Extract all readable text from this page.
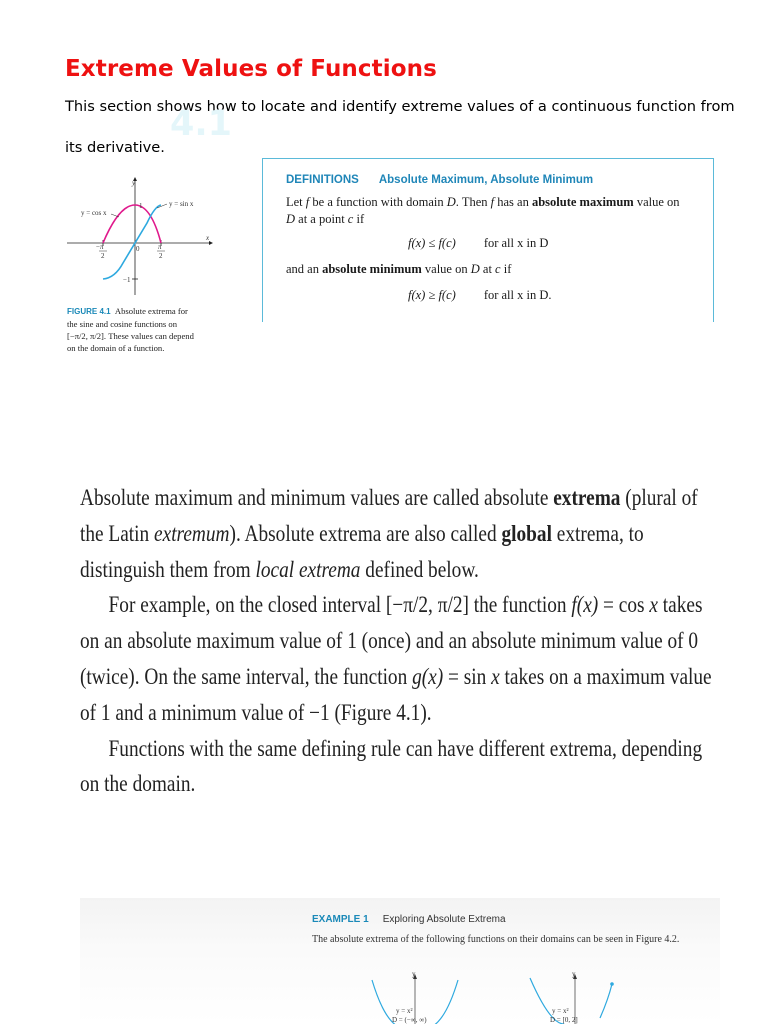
Extreme Values of Functions
This section shows how to locate and identify extreme values of a continuous function from its derivative.
4.1
y
x
y = cos x
y = sin x
1
−1
0
− π
2
π
2
FIGURE 4.1 Absolute extrema for
the sine and cosine functions on
[−π/2, π/2]. These values can depend
on the domain of a function.
DEFINITIONS Absolute Maximum, Absolute Minimum
Let f be a function with domain D. Then f has an absolute maximum value on
D at a point c if
f(x) ≤ f(c) for all x in D
and an absolute minimum value on D at c if
f(x) ≥ f(c) for all x in D.

Absolute maximum and minimum values are called absolute extrema (plural of the Latin extremum). Absolute extrema are also called global extrema, to distinguish them from local extrema defined below.

For example, on the closed interval [−π/2, π/2] the function f(x) = cos x takes on an absolute maximum value of 1 (once) and an absolute minimum value of 0 (twice). On the same interval, the function g(x) = sin x takes on a maximum value of 1 and a minimum value of −1 (Figure 4.1).

Functions with the same defining rule can have different extrema, depending on the domain.

EXAMPLE 1 Exploring Absolute Extrema
The absolute extrema of the following functions on their domains can be seen in Figure 4.2.
y
y = x²
D = (−∞, ∞)
y
y = x²
D = [0, 2]
